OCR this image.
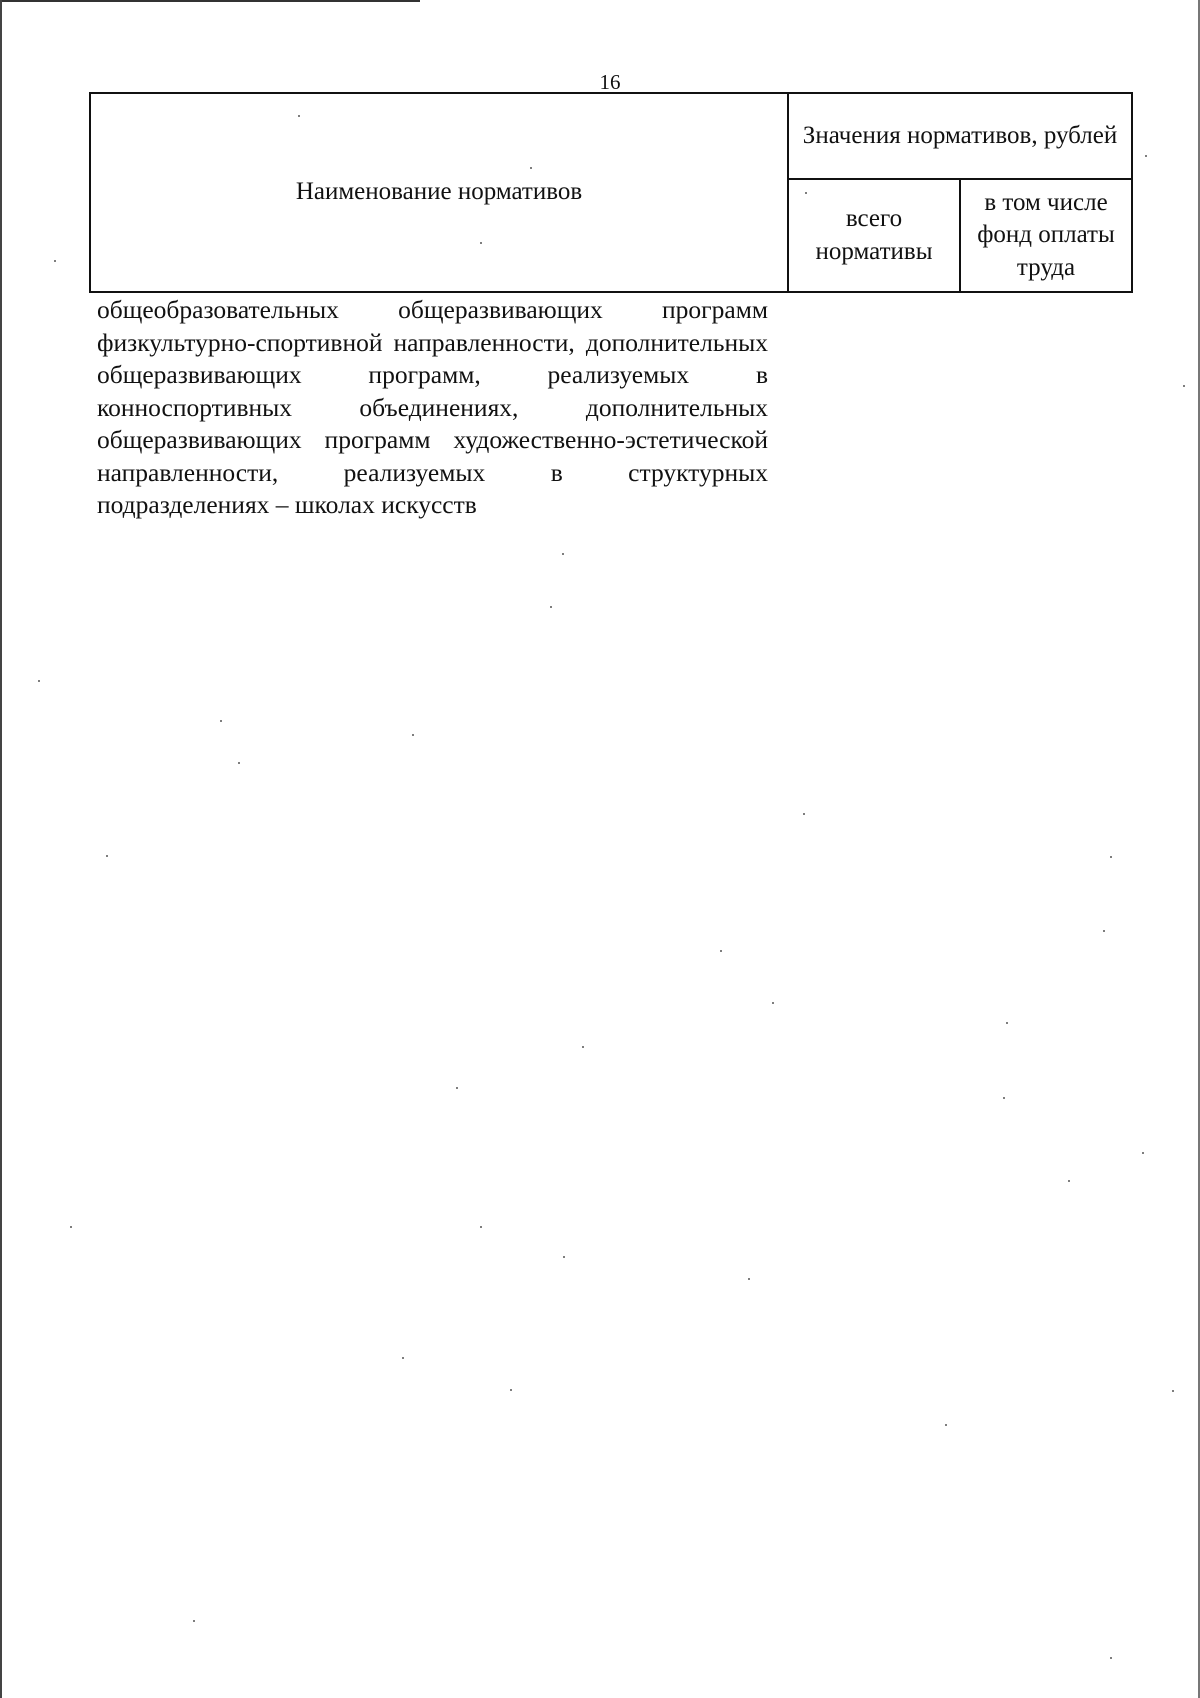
16
Наименование нормативов	Значения нормативов, рублей	
	всего нормативы	в том числе фонд оплаты труда
общеобразовательных общеразвивающих программ физкультурно-спортивной направленности, дополнительных общеразвивающих программ, реализуемых в конноспортивных объединениях, дополнительных общеразвивающих программ художественно-эстетической направленности, реализуемых в структурных подразделениях – школах искусств
